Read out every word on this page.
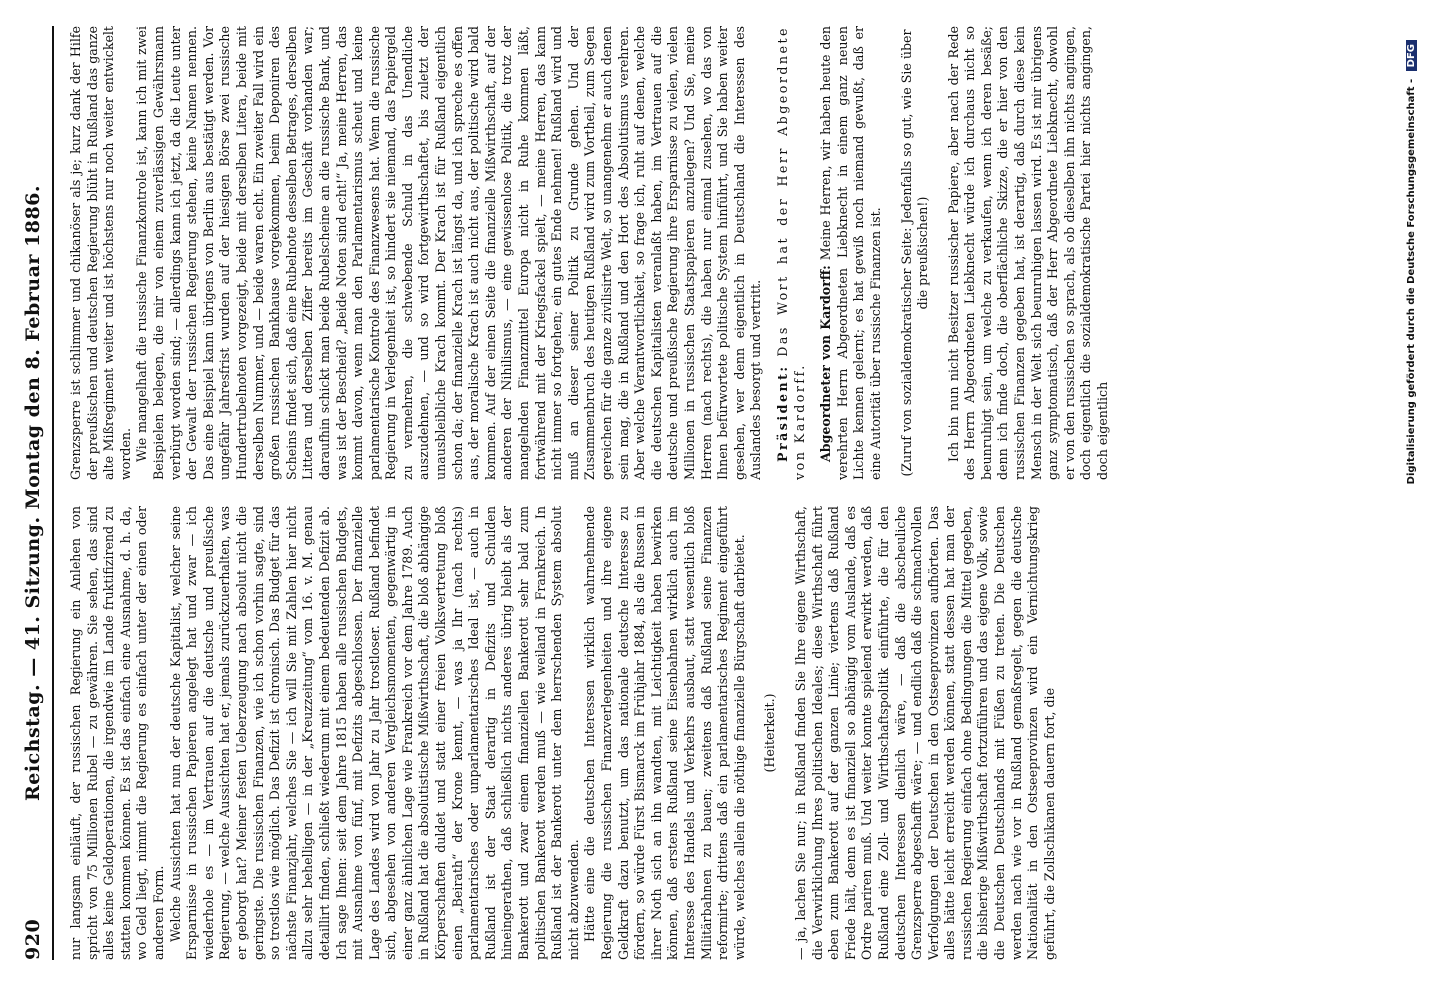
920
Reichstag. — 41. Sitzung. Montag den 8. Februar 1886. nur langsam einläuft, der russischen Regierung ein Anlehen von spricht von 75 Millionen Rubel — zu gewähren. Sie sehen, das sind alles keine Geldoperationen, die irgendwie im Lande fruktifizirend zu statten kommen können. Es ist das einfach eine Ausnahme, d. h. da, wo Geld liegt, nimmt die Regierung es einfach unter der einen oder anderen Form. Welche Aussichten hat nun der deutsche Kapitalist, welcher seine Ersparnisse in russischen Papieren angelegt hat und zwar — ich wiederhole es — im Vertrauen auf die deutsche und preußische Regierung, — welche Aussichten hat er, jemals zurückzuerhalten, was er geborgt hat? Meiner festen Ueberzeugung nach absolut nicht die geringste. Die russischen Finanzen, wie ich schon vorhin sagte, sind so trostlos wie möglich. Das Defizit ist chronisch. Das Budget für das nächste Finanzjahr, welches Sie — ich will Sie mit Zahlen hier nicht allzu sehr behelligen — in der „Kreuzzeitung“ vom 16. v. M. genau detaillirt finden, schließt wiederum mit einem bedeutenden Defizit ab. Ich sage Ihnen: seit dem Jahre 1815 haben alle russischen Budgets, mit Ausnahme von fünf, mit Defizits abgeschlossen. Der finanzielle Lage des Landes wird von Jahr zu Jahr trostloser. Rußland befindet sich, abgesehen von anderen Vergleichsmomenten, gegenwärtig in einer ganz ähnlichen Lage wie Frankreich vor dem Jahre 1789. Auch in Rußland hat die absolutistische Mißwirthschaft, die bloß abhängige Körperschaften duldet und statt einer freien Volksvertretung bloß einen „Beirath“ der Krone kennt, — was ja Ihr (nach rechts) parlamentarisches oder unparlamentarisches Ideal ist, — auch in Rußland ist der Staat derartig in Defizits und Schulden hineingerathen, daß schließlich nichts anderes übrig bleibt als der Bankerott und zwar einem finanziellen Bankerott sehr bald zum politischen Bankerott werden muß — wie weiland in Frankreich. In Rußland ist der Bankerott unter dem herrschenden System absolut nicht abzuwenden. Hätte eine die deutschen Interessen wirklich wahrnehmende Regierung die russischen Finanzverlegenheiten und ihre eigene Geldkraft dazu benutzt, um das nationale deutsche Interesse zu fördern, so würde Fürst Bismarck im Frühjahr 1884, als die Russen in ihrer Noth sich an ihn wandten, mit Leichtigkeit haben bewirken können, daß erstens Rußland seine Eisenbahnen wirklich auch im Interesse des Handels und Verkehrs ausbaut, statt wesentlich bloß Militärbahnen zu bauen; zweitens daß Rußland seine Finanzen reformirte; drittens daß ein parlamentarisches Regiment eingeführt würde, welches allein die nöthige finanzielle Bürgschaft darbietet. (Heiterkeit.) — ja, lachen Sie nur; in Rußland finden Sie Ihre eigene Wirthschaft, die Verwirklichung Ihres politischen Ideales; diese Wirthschaft führt eben zum Bankerott auf der ganzen Linie; viertens daß Rußland Friede hält, denn es ist finanziell so abhängig vom Auslande, daß es Ordre pariren muß. Und weiter konnte spielend erwirkt werden, daß Rußland eine Zoll- und Wirthschaftspolitik einführte, die für den deutschen Interessen dienlich wäre, — daß die abscheuliche Grenzsperre abgeschafft wäre; — und endlich daß die schmachvollen Verfolgungen der Deutschen in den Ostseeprovinzen aufhörten. Das alles hätte leicht erreicht werden können, statt dessen hat man der russischen Regierung einfach ohne Bedingungen die Mittel gegeben, die bisherige Mißwirthschaft fortzuführen und das eigene Volk, sowie die Deutschen Deutschlands mit Füßen zu treten. Die Deutschen werden nach wie vor in Rußland gemaßregelt, gegen die deutsche Nationalität in den Ostseeprovinzen wird ein Vernichtungskrieg geführt, die Zollschikanen dauern fort, die

Grenzsperre ist schlimmer und chikanöser als je; kurz dank der Hilfe der preußischen und deutschen Regierung blüht in Rußland das ganze alte Mißregiment weiter und ist höchstens nur noch weiter entwickelt worden. Wie mangelhaft die russische Finanzkontrole ist, kann ich mit zwei Beispielen belegen, die mir von einem zuverlässigen Gewährsmann verbürgt worden sind; — allerdings kann ich jetzt, da die Leute unter der Gewalt der russischen Regierung stehen, keine Namen nennen. Das eine Beispiel kann übrigens von Berlin aus bestätigt werden. Vor ungefähr Jahresfrist wurden auf der hiesigen Börse zwei russische Hundertrubelnoten vorgezeigt, beide mit derselben Litera, beide mit derselben Nummer, und — beide waren echt. Ein zweiter Fall wird ein großen russischen Bankhause vorgekommen, beim Deponiren des Scheins findet sich, daß eine Rubelnote desselben Betrages, derselben Littera und derselben Ziffer bereits im Geschäft vorhanden war; daraufhin schickt man beide Rubelscheine an die russische Bank, und was ist der Bescheid? „Beide Noten sind echt!“ Ja, meine Herren, das kommt davon, wenn man den Parlamentarismus scheut und keine parlamentarische Kontrole des Finanzwesens hat. Wenn die russische Regierung in Verlegenheit ist, so hindert sie niemand, das Papiergeld zu vermehren, die schwebende Schuld in das Unendliche auszudehnen, — und so wird fortgewirthschaftet, bis zuletzt der unausbleibliche Krach kommt. Der Krach ist für Rußland eigentlich schon da; der finanzielle Krach ist längst da, und ich spreche es offen aus, der moralische Krach ist auch nicht aus, der politische wird bald kommen. Auf der einen Seite die finanzielle Mißwirthschaft, auf der anderen der Nihilismus, — eine gewissenlose Politik, die trotz der mangelnden Finanzmittel Europa nicht in Ruhe kommen läßt, fortwährend mit der Kriegsfackel spielt, — meine Herren, das kann nicht immer so fortgehen; ein gutes Ende nehmen! Rußland wird und muß an dieser seiner Politik zu Grunde gehen. Und der Zusammenbruch des heutigen Rußland wird zum Vortheil, zum Segen gereichen für die ganze zivilisirte Welt, so unangenehm er auch denen sein mag, die in Rußland und den Hort des Absolutismus verehren. Aber welche Verantwortlichkeit, so frage ich, ruht auf denen, welche die deutschen Kapitalisten veranlaßt haben, im Vertrauen auf die deutsche und preußische Regierung ihre Ersparnisse zu vielen, vielen Millionen in russischen Staatspapieren anzulegen? Und Sie, meine Herren (nach rechts), die haben nur einmal zusehen, wo das von Ihnen befürwortete politische System hinführt, und Sie haben weiter gesehen, wer denn eigentlich in Deutschland die Interessen des Auslandes besorgt und vertritt. Präsident: Das Wort hat der Herr Abgeordnete von Kardorff. Abgeordneter von Kardorff: Meine Herren, wir haben heute den verehrten Herrn Abgeordneten Liebknecht in einem ganz neuen Lichte kennen gelernt; es hat gewiß noch niemand gewußt, daß er eine Autorität über russische Finanzen ist. (Zuruf von sozialdemokratischer Seite: Jedenfalls so gut, wie Sie über die preußischen!) Ich bin nun nicht Besitzer russischer Papiere, aber nach der Rede des Herrn Abgeordneten Liebknecht würde ich durchaus nicht so beunruhigt sein, um welche zu verkaufen, wenn ich deren besäße; denn ich finde doch, die oberflächliche Skizze, die er hier von den russischen Finanzen gegeben hat, ist derartig, daß durch diese kein Mensch in der Welt sich beunruhigen lassen wird. Es ist mir übrigens ganz symptomatisch, daß der Herr Abgeordnete Liebknecht, obwohl er von den russischen so sprach, als ob dieselben ihn nichts angingen, doch eigentlich die sozialdemokratische Partei hier nichts angingen, doch eigentlich	Digitalisierung gefördert durch die Deutsche Forschungsgemeinschaft - DFG
